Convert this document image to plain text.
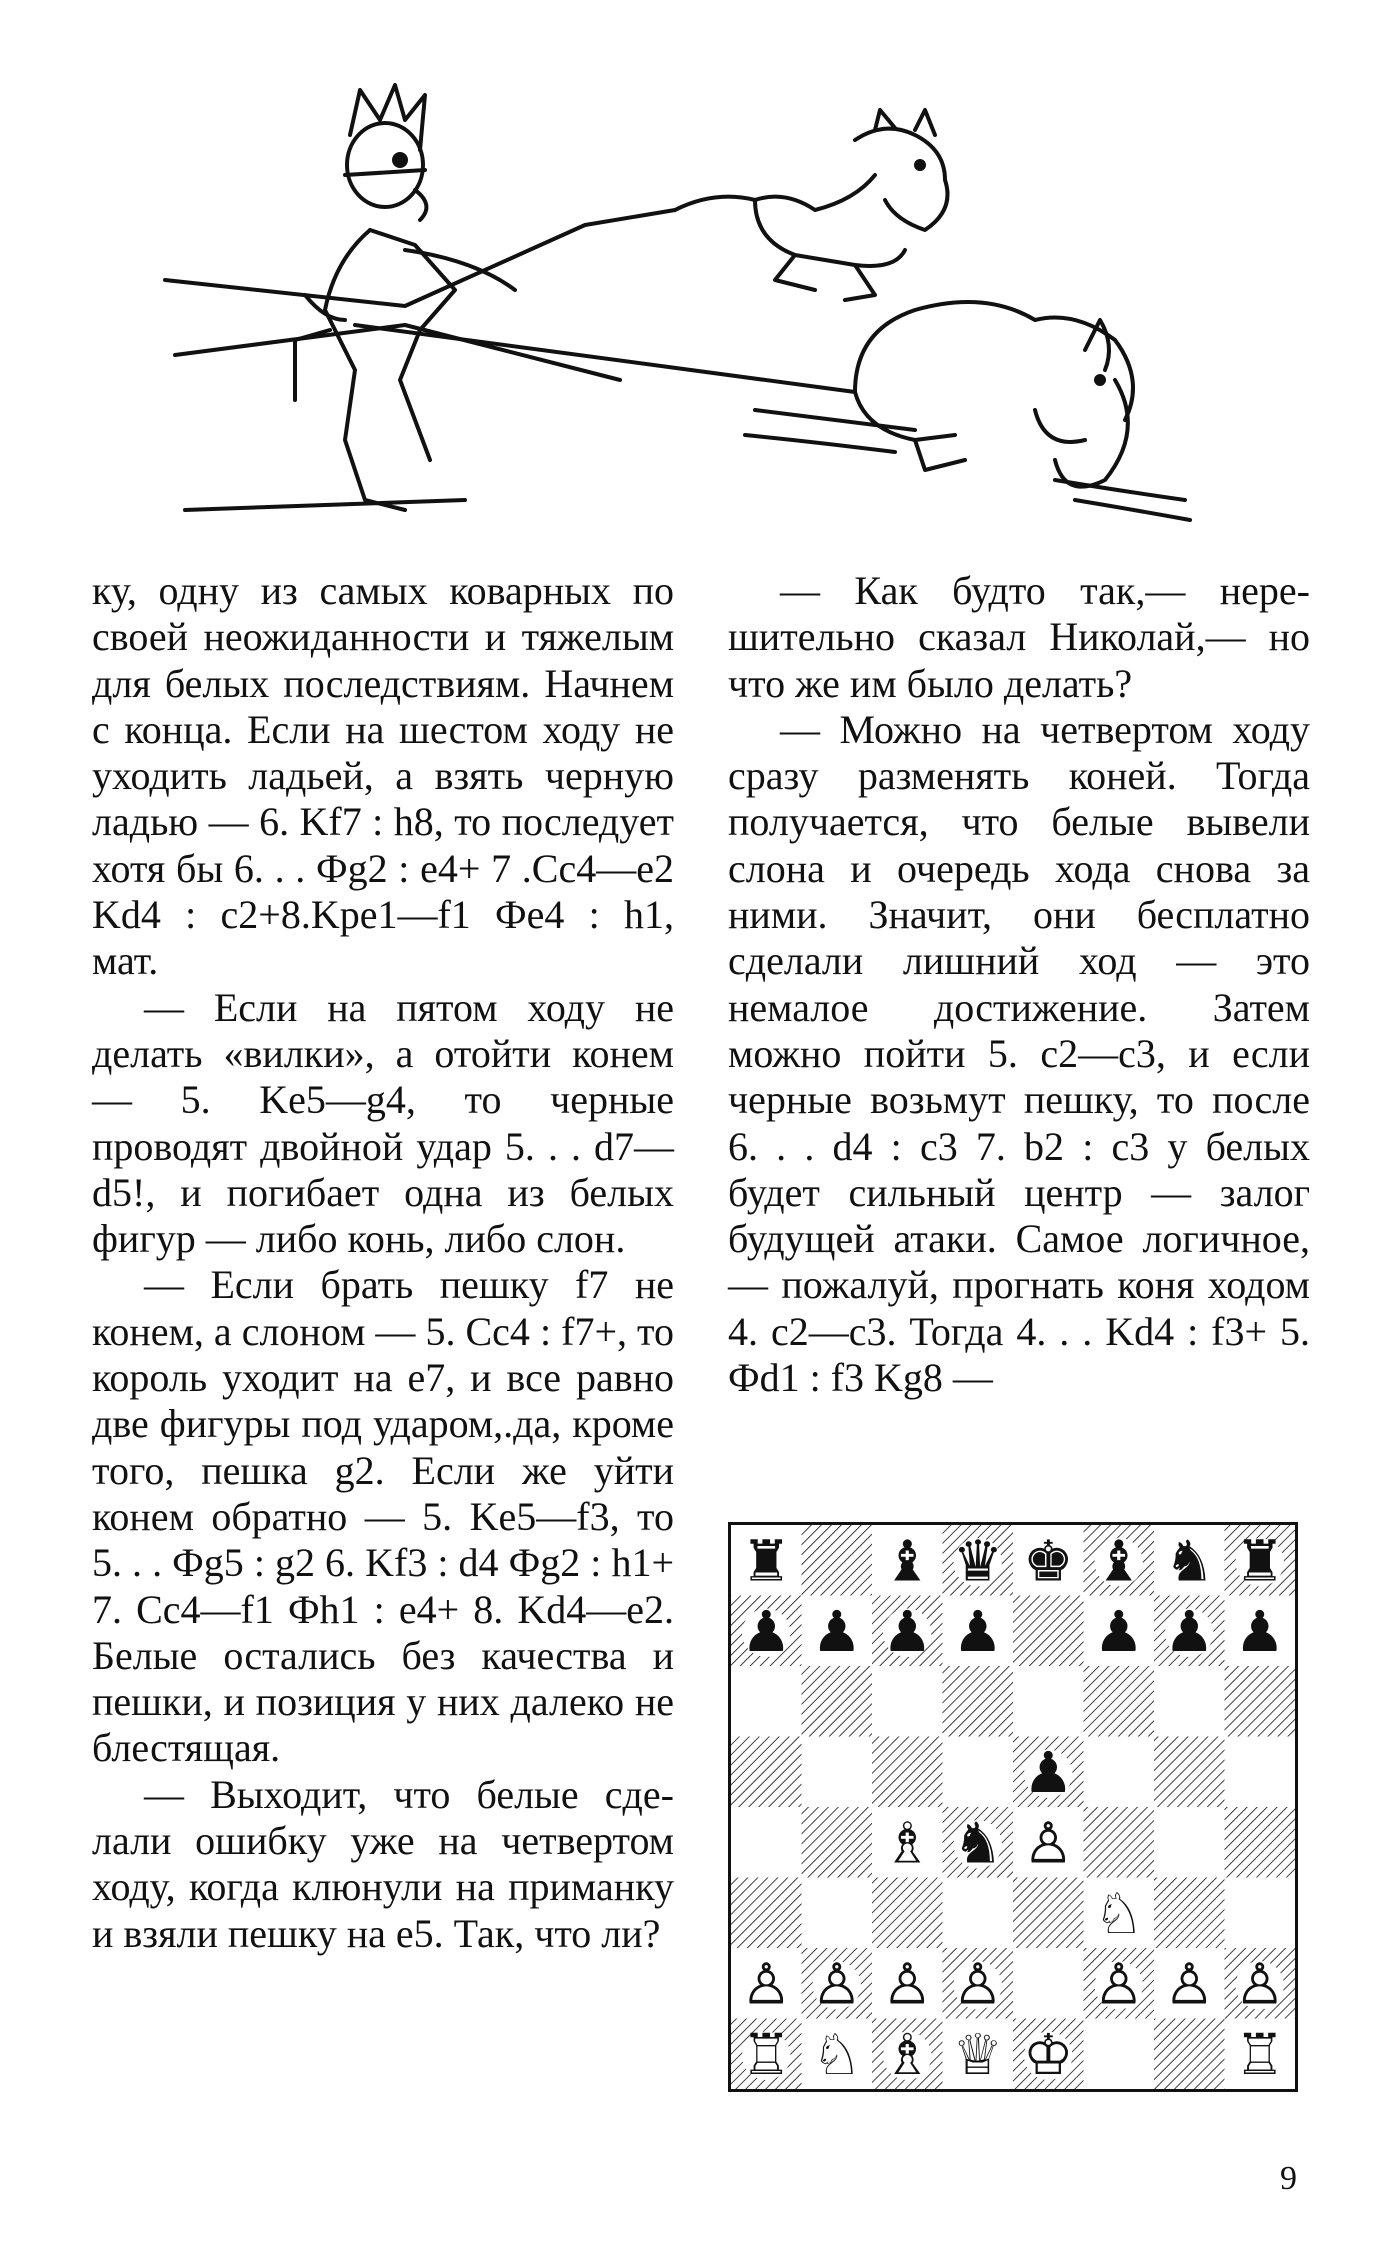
ку, одну из самых коварных по своей неожиданности и тяжелым для белых последствиям. Начнем с конца. Если на шестом ходу не уходить ладьей, а взять черную ладью — 6. Kf7 : h8, то последует хотя бы 6. . . Фg2 : e4+ 7 .Сc4—e2 Kd4 : c2+8.Kpe1—f1 Фe4 : h1, мат.

— Если на пятом ходу не делать «вилки», а отойти конем — 5. Ke5—g4, то черные проводят двойной удар 5. . . d7—d5!, и погибает одна из белых фигур — либо конь, либо слон.

— Если брать пешку f7 не конем, а слоном — 5. Сc4 : f7+, то король уходит на e7, и все равно две фигуры под ударом,.да, кроме того, пешка g2. Если же уйти конем обратно — 5. Ke5—f3, то 5. . . Фg5 : g2 6. Kf3 : d4 Фg2 : h1+ 7. Сc4—f1 Фh1 : e4+ 8. Kd4—e2. Белые остались без качества и пешки, и позиция у них далеко не блестящая.

— Выходит, что белые сделали ошибку уже на четвертом ходу, когда клюнули на приманку и взяли пешку на e5. Так, что ли?

— Как будто так,— нерешительно сказал Николай,— но что же им было делать?

— Можно на четвертом ходу сразу разменять коней. Тогда получается, что белые вывели слона и очередь хода снова за ними. Значит, они бесплатно сделали лишний ход — это немалое достижение. Затем можно пойти 5. c2—c3, и если черные возьмут пешку, то после 6. . . d4 : c3 7. b2 : c3 у белых будет сильный центр — залог будущей атаки. Самое логичное,— пожалуй, прогнать коня ходом 4. c2—c3. Тогда 4. . . Kd4 : f3+ 5. Фd1 : f3 Kg8 —

♜ ♝ ♛ ♚ ♝ ♞ ♜
♟ ♟ ♟ ♟ ♟ ♟ ♟
♟
♗ ♞ ♙
♘
♙ ♙ ♙ ♙ ♙ ♙ ♙
♖ ♘ ♗ ♕ ♔	♖
9
